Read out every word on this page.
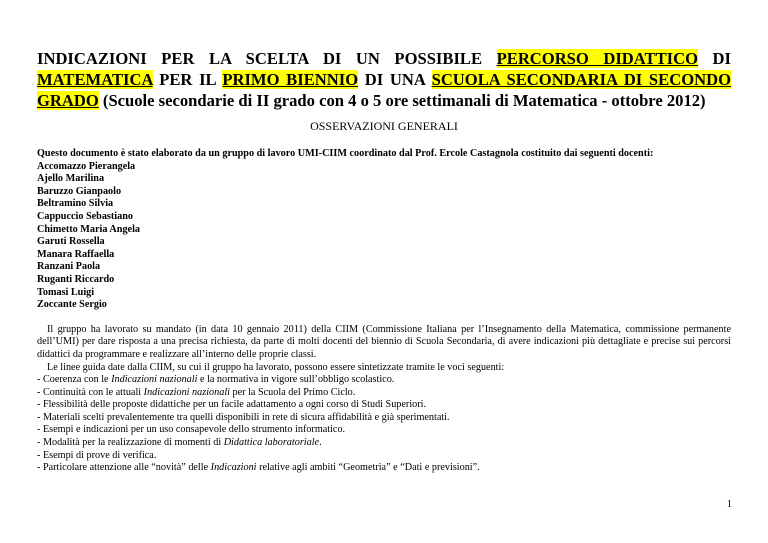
INDICAZIONI PER LA SCELTA DI UN POSSIBILE PERCORSO DIDATTICO DI MATEMATICA PER IL PRIMO BIENNIO DI UNA SCUOLA SECONDARIA DI SECONDO GRADO (Scuole secondarie di II grado con 4 o 5 ore settimanali di Matematica - ottobre 2012)

OSSERVAZIONI GENERALI

Questo documento è stato elaborato da un gruppo di lavoro UMI-CIIM coordinato dal Prof. Ercole Castagnola costituito dai seguenti docenti:

Accomazzo Pierangela
Ajello Marilina
Baruzzo Gianpaolo
Beltramino Silvia
Cappuccio Sebastiano
Chimetto Maria Angela
Garuti Rossella
Manara Raffaella
Ranzani Paola
Ruganti Riccardo
Tomasi Luigi
Zoccante Sergio

Il gruppo ha lavorato su mandato (in data 10 gennaio 2011) della CIIM (Commissione Italiana per l’Insegnamento della Matematica, commissione permanente dell’UMI) per dare risposta a una precisa richiesta, da parte di molti docenti del biennio di Scuola Secondaria, di avere indicazioni più dettagliate e precise sui percorsi didattici da programmare e realizzare all’interno delle proprie classi.

Le linee guida date dalla CIIM, su cui il gruppo ha lavorato, possono essere sintetizzate tramite le voci seguenti:

- Coerenza con le Indicazioni nazionali e la normativa in vigore sull’obbligo scolastico.
- Continuità con le attuali Indicazioni nazionali per la Scuola del Primo Ciclo.
- Flessibilità delle proposte didattiche per un facile adattamento a ogni corso di Studi Superiori.
- Materiali scelti prevalentemente tra quelli disponibili in rete di sicura affidabilità e già sperimentati.
- Esempi e indicazioni per un uso consapevole dello strumento informatico.
- Modalità per la realizzazione di momenti di Didattica laboratoriale.
- Esempi di prove di verifica.
- Particolare attenzione alle “novità” delle Indicazioni relative agli ambiti “Geometria” e “Dati e previsioni”.
1
